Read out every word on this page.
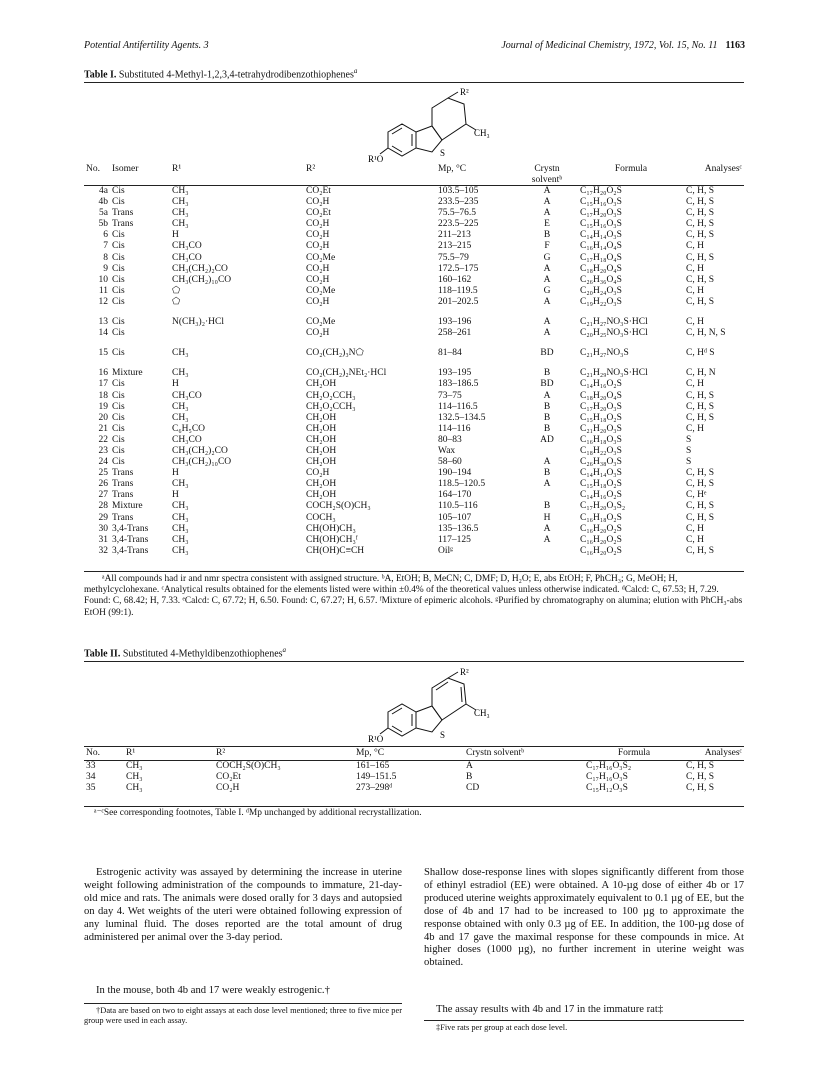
Potential Antifertility Agents. 3	Journal of Medicinal Chemistry, 1972, Vol. 15, No. 11 1163
Table I. Substituted 4-Methyl-1,2,3,4-tetrahydrodibenzothiophenes$^a$
R²
CH₃
S
R¹O
No.	Isomer	R¹	R²	Mp, °C	Crystn solventᵇ	Formula	Analysesᶜ
4a	Cis	CH₃	CO₂Et	103.5–105	A	C₁₇H₂₀O₂S	C, H, S
4b	Cis	CH₃	CO₂H	233.5–235	A	C₁₅H₁₆O₃S	C, H, S
5a	Trans	CH₃	CO₂Et	75.5–76.5	A	C₁₇H₂₀O₃S	C, H, S
5b	Trans	CH₃	CO₂H	223.5–225	E	C₁₅H₁₆O₃S	C, H, S
6	Cis	H	CO₂H	211–213	B	C₁₄H₁₄O₃S	C, H, S
7	Cis	CH₃CO	CO₂H	213–215	F	C₁₆H₁₄O₄S	C, H
8	Cis	CH₃CO	CO₂Me	75.5–79	G	C₁₇H₁₈O₄S	C, H, S
9	Cis	CH₃(CH₂)₂CO	CO₂H	172.5–175	A	C₁₈H₂₀O₄S	C, H
10	Cis	CH₃(CH₂)₁₀CO	CO₂H	160–162	A	C₂₆H₃₆O₄S	C, H, S
11	Cis	⬠	CO₂Me	118–119.5	G	C₂₀H₂₄O₃S	C, H
12	Cis	⬠	CO₂H	201–202.5	A	C₁₉H₂₂O₃S	C, H, S
13	Cis	N(CH₃)₂·HCl	CO₂Me	193–196	A	C₂₁H₂₇NO₃S·HCl	C, H
14	Cis		CO₂H	258–261	A	C₂₀H₂₅NO₃S·HCl	C, H, N, S
15	Cis	CH₃	CO₂(CH₂)₃N⬠	81–84	BD	C₂₁H₂₇NO₃S	C, Hᵈ S
16	Mixture	CH₃	CO₂(CH₂)₂NEt₂·HCl	193–195	B	C₂₁H₂₉NO₃S·HCl	C, H, N
17	Cis	H	CH₂OH	183–186.5	BD	C₁₄H₁₆O₂S	C, H
18	Cis	CH₃CO	CH₂O₂CCH₃	73–75	A	C₁₈H₂₀O₄S	C, H, S
19	Cis	CH₃	CH₂O₂CCH₃	114–116.5	B	C₁₇H₂₀O₃S	C, H, S
20	Cis	CH₃	CH₂OH	132.5–134.5	B	C₁₅H₁₈O₂S	C, H, S
21	Cis	C₆H₅CO	CH₂OH	114–116	B	C₂₁H₂₀O₃S	C, H
22	Cis	CH₃CO	CH₂OH	80–83	AD	C₁₆H₁₈O₃S	S
23	Cis	CH₃(CH₂)₂CO	CH₂OH	Wax		C₁₈H₂₂O₃S	S
24	Cis	CH₃(CH₂)₁₀CO	CH₂OH	58–60	A	C₂₆H₃₈O₃S	S
25	Trans	H	CO₂H	190–194	B	C₁₄H₁₄O₃S	C, H, S
26	Trans	CH₃	CH₂OH	118.5–120.5	A	C₁₅H₁₈O₂S	C, H, S
27	Trans	H	CH₂OH	164–170		C₁₄H₁₆O₂S	C, Hᵉ
28	Mixture	CH₃	COCH₂S(O)CH₃	110.5–116	B	C₁₇H₂₀O₃S₂	C, H, S
29	Trans	CH₃	COCH₃	105–107	H	C₁₆H₁₈O₂S	C, H, S
30	3,4-Trans	CH₃	CH(OH)CH₃	135–136.5	A	C₁₆H₂₀O₂S	C, H
31	3,4-Trans	CH₃	CH(OH)CH₃ᶠ	117–125	A	C₁₆H₂₀O₂S	C, H
32	3,4-Trans	CH₃	CH(OH)C≡CH	Oilᵍ		C₁₆H₂₀O₂S	C, H, S
ᵃAll compounds had ir and nmr spectra consistent with assigned structure. ᵇA, EtOH; B, MeCN; C, DMF; D, H₂O; E, abs EtOH; F, PhCH₃; G, MeOH; H, methylcyclohexane. ᶜAnalytical results obtained for the elements listed were within ±0.4% of the theoretical values unless otherwise indicated. ᵈCalcd: C, 67.53; H, 7.29. Found: C, 68.42; H, 7.33. ᵉCalcd: C, 67.72; H, 6.50. Found: C, 67.27; H, 6.57. ᶠMixture of epimeric alcohols. ᵍPurified by chromatography on alumina; elution with PhCH₃-abs EtOH (99:1).
Table II. Substituted 4-Methyldibenzothiophenes$^a$
R²
CH₃
S
R¹O
No.	R¹	R²	Mp, °C	Crystn solventᵇ	Formula	Analysesᶜ
33	CH₃	COCH₂S(O)CH₃	161–165	A	C₁₇H₁₆O₃S₂	C, H, S
34	CH₃	CO₂Et	149–151.5	B	C₁₇H₁₆O₃S	C, H, S
35	CH₃	CO₂H	273–298ᵈ	CD	C₁₅H₁₂O₃S	C, H, S
ᵃ⁻ᶜSee corresponding footnotes, Table I. ᵈMp unchanged by additional recrystallization.
Estrogenic activity was assayed by determining the increase in uterine weight following administration of the compounds to immature, 21-day-old mice and rats. The animals were dosed orally for 3 days and autopsied on day 4. Wet weights of the uteri were obtained following expression of any luminal fluid. The doses reported are the total amount of drug administered per animal over the 3-day period.
In the mouse, both 4b and 17 were weakly estrogenic.†
†Data are based on two to eight assays at each dose level mentioned; three to five mice per group were used in each assay.
Shallow dose-response lines with slopes significantly different from those of ethinyl estradiol (EE) were obtained. A 10-µg dose of either 4b or 17 produced uterine weights approximately equivalent to 0.1 µg of EE, but the dose of 4b and 17 had to be increased to 100 µg to approximate the response obtained with only 0.3 µg of EE. In addition, the 100-µg dose of 4b and 17 gave the maximal response for these compounds in mice. At higher doses (1000 µg), no further increment in uterine weight was obtained.
The assay results with 4b and 17 in the immature rat‡
‡Five rats per group at each dose level.
